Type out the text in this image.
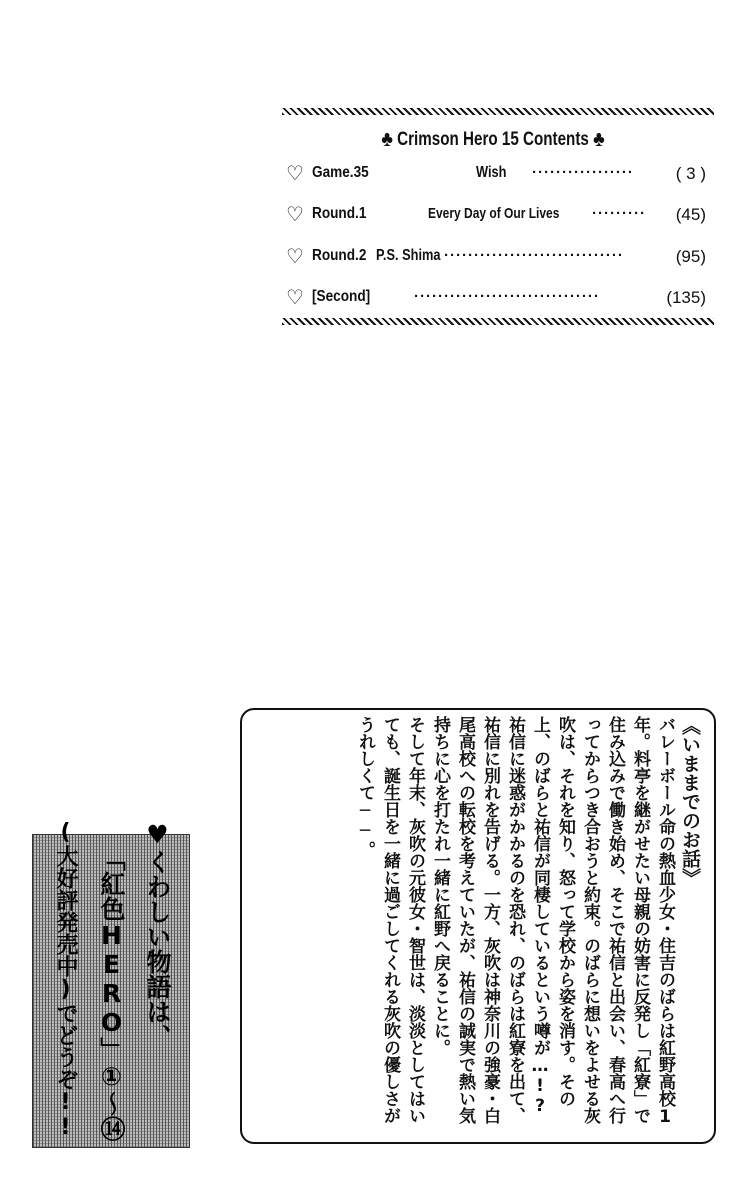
♣ Crimson Hero 15 Contents ♣
♡ Game.35	Wish ················· ( 3 )
♡ Round.1	Every Day of Our Lives ········· (45)
♡ Round.2 P.S. Shima ······························	(95)
♡ [Second]	·······························	(135)

《いままでのお話》

バレーボール命の熱血少女・住吉のばらは紅野高校1年。料亭を継がせたい母親の妨害に反発し「紅寮」で住み込みで働き始め、そこで祐信と出会い、春高へ行ってからつき合おうと約束。のばらに想いをよせる灰吹は、それを知り、怒って学校から姿を消す。その上、のばらと祐信が同棲しているという噂が…!?

祐信に迷惑がかかるのを恐れ、のばらは紅寮を出て、祐信に別れを告げる。一方、灰吹は神奈川の強豪・白尾高校への転校を考えていたが、祐信の誠実で熱い気持ちに心を打たれ一緒に紅野へ戻ることに。

そして年末、灰吹の元彼女・智世は、淡淡としてはいても、誕生日を一緒に過ごしてくれる灰吹の優しさがうれしくて──。

♥くわしい物語は、

「紅色HERO」①〜⑭

(大好評発売中)でどうぞ!!
